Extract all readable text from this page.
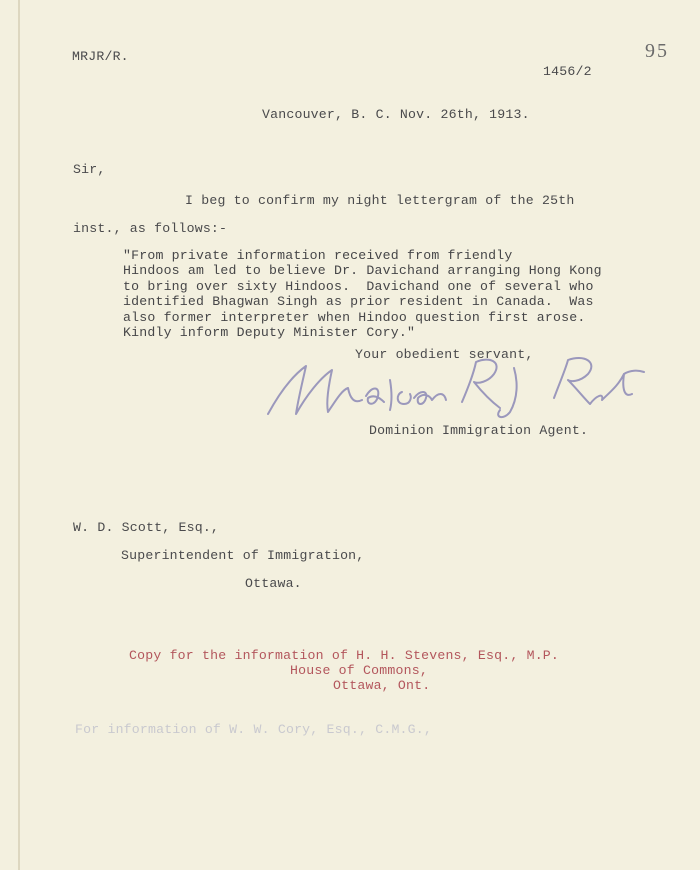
MRJR/R.	95
1456/2
Vancouver, B. C. Nov. 26th, 1913.
Sir,
I beg to confirm my night lettergram of the 25th
inst., as follows:-
"From private information received from friendly
Hindoos am led to believe Dr. Davichand arranging Hong Kong
to bring over sixty Hindoos.  Davichand one of several who
identified Bhagwan Singh as prior resident in Canada.  Was
also former interpreter when Hindoo question first arose.
Kindly inform Deputy Minister Cory."
Your obedient servant,
Dominion Immigration Agent.
W. D. Scott, Esq.,
Superintendent of Immigration,
Ottawa.
Copy for the information of H. H. Stevens, Esq., M.P.
House of Commons,
Ottawa, Ont.
For information of W. W. Cory, Esq., C.M.G.,
